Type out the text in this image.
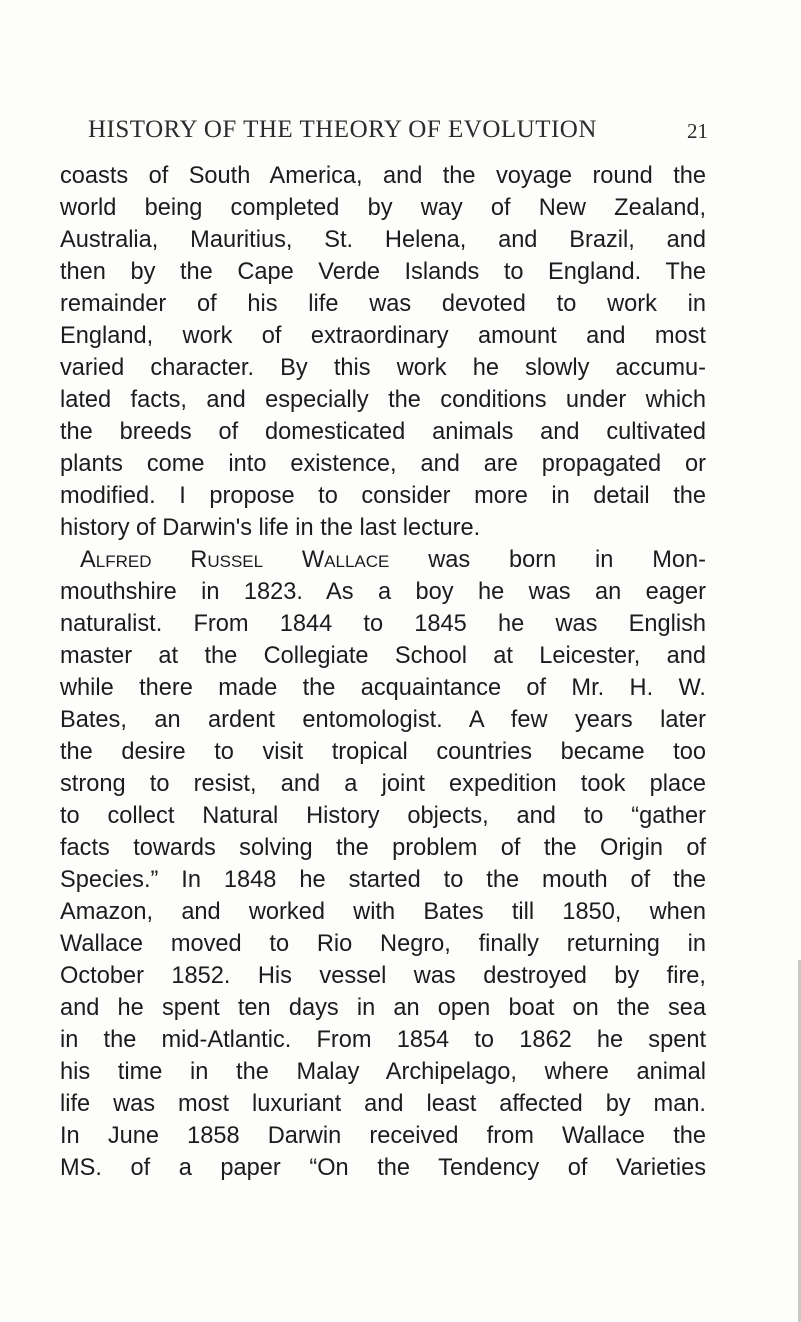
HISTORY OF THE THEORY OF EVOLUTION	21
coasts of South America, and the voyage round the
world being completed by way of New Zealand,
Australia, Mauritius, St. Helena, and Brazil, and
then by the Cape Verde Islands to England. The
remainder of his life was devoted to work in
England, work of extraordinary amount and most
varied character. By this work he slowly accumu-
lated facts, and especially the conditions under which
the breeds of domesticated animals and cultivated
plants come into existence, and are propagated or
modified. I propose to consider more in detail the
history of Darwin's life in the last lecture.
Alfred Russel Wallace was born in Mon-
mouthshire in 1823. As a boy he was an eager
naturalist. From 1844 to 1845 he was English
master at the Collegiate School at Leicester, and
while there made the acquaintance of Mr. H. W.
Bates, an ardent entomologist. A few years later
the desire to visit tropical countries became too
strong to resist, and a joint expedition took place
to collect Natural History objects, and to “gather
facts towards solving the problem of the Origin of
Species.” In 1848 he started to the mouth of the
Amazon, and worked with Bates till 1850, when
Wallace moved to Rio Negro, finally returning in
October 1852. His vessel was destroyed by fire,
and he spent ten days in an open boat on the sea
in the mid-Atlantic. From 1854 to 1862 he spent
his time in the Malay Archipelago, where animal
life was most luxuriant and least affected by man.
In June 1858 Darwin received from Wallace the
MS. of a paper “On the Tendency of Varieties
